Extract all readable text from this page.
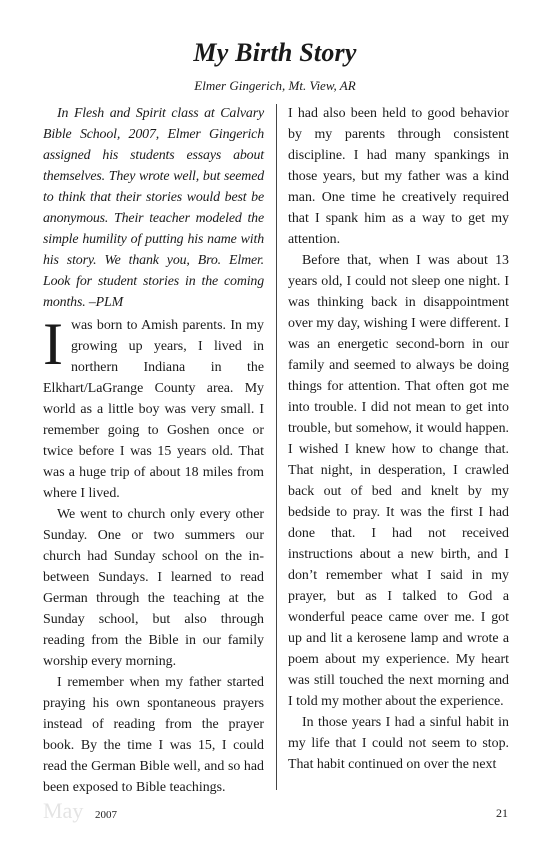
My Birth Story
Elmer Gingerich, Mt. View, AR

In Flesh and Spirit class at Calvary Bible School, 2007, Elmer Gingerich assigned his students essays about themselves. They wrote well, but seemed to think that their stories would best be anonymous. Their teacher modeled the simple humility of putting his name with his story. We thank you, Bro. Elmer. Look for student stories in the coming months. –PLM

Iwas born to Amish parents. In my growing up years, I lived in northern Indiana in the Elkhart/LaGrange County area. My world as a little boy was very small. I remember going to Goshen once or twice before I was 15 years old. That was a huge trip of about 18 miles from where I lived.

We went to church only every other Sunday. One or two summers our church had Sunday school on the in-between Sundays. I learned to read German through the teaching at the Sunday school, but also through reading from the Bible in our family worship every morning.

I remember when my father started praying his own spontaneous prayers instead of reading from the prayer book. By the time I was 15, I could read the German Bible well, and so had been exposed to Bible teachings.

I had also been held to good behavior by my parents through consistent discipline. I had many spankings in those years, but my father was a kind man. One time he creatively required that I spank him as a way to get my attention.

Before that, when I was about 13 years old, I could not sleep one night. I was thinking back in disappointment over my day, wishing I were different. I was an energetic second-born in our family and seemed to always be doing things for attention. That often got me into trouble. I did not mean to get into trouble, but somehow, it would happen. I wished I knew how to change that. That night, in desperation, I crawled back out of bed and knelt by my bedside to pray. It was the first I had done that. I had not received instructions about a new birth, and I don’t remember what I said in my prayer, but as I talked to God a wonderful peace came over me. I got up and lit a kerosene lamp and wrote a poem about my experience. My heart was still touched the next morning and I told my mother about the experience.

In those years I had a sinful habit in my life that I could not seem to stop. That habit continued on over the next

May 2007	21
